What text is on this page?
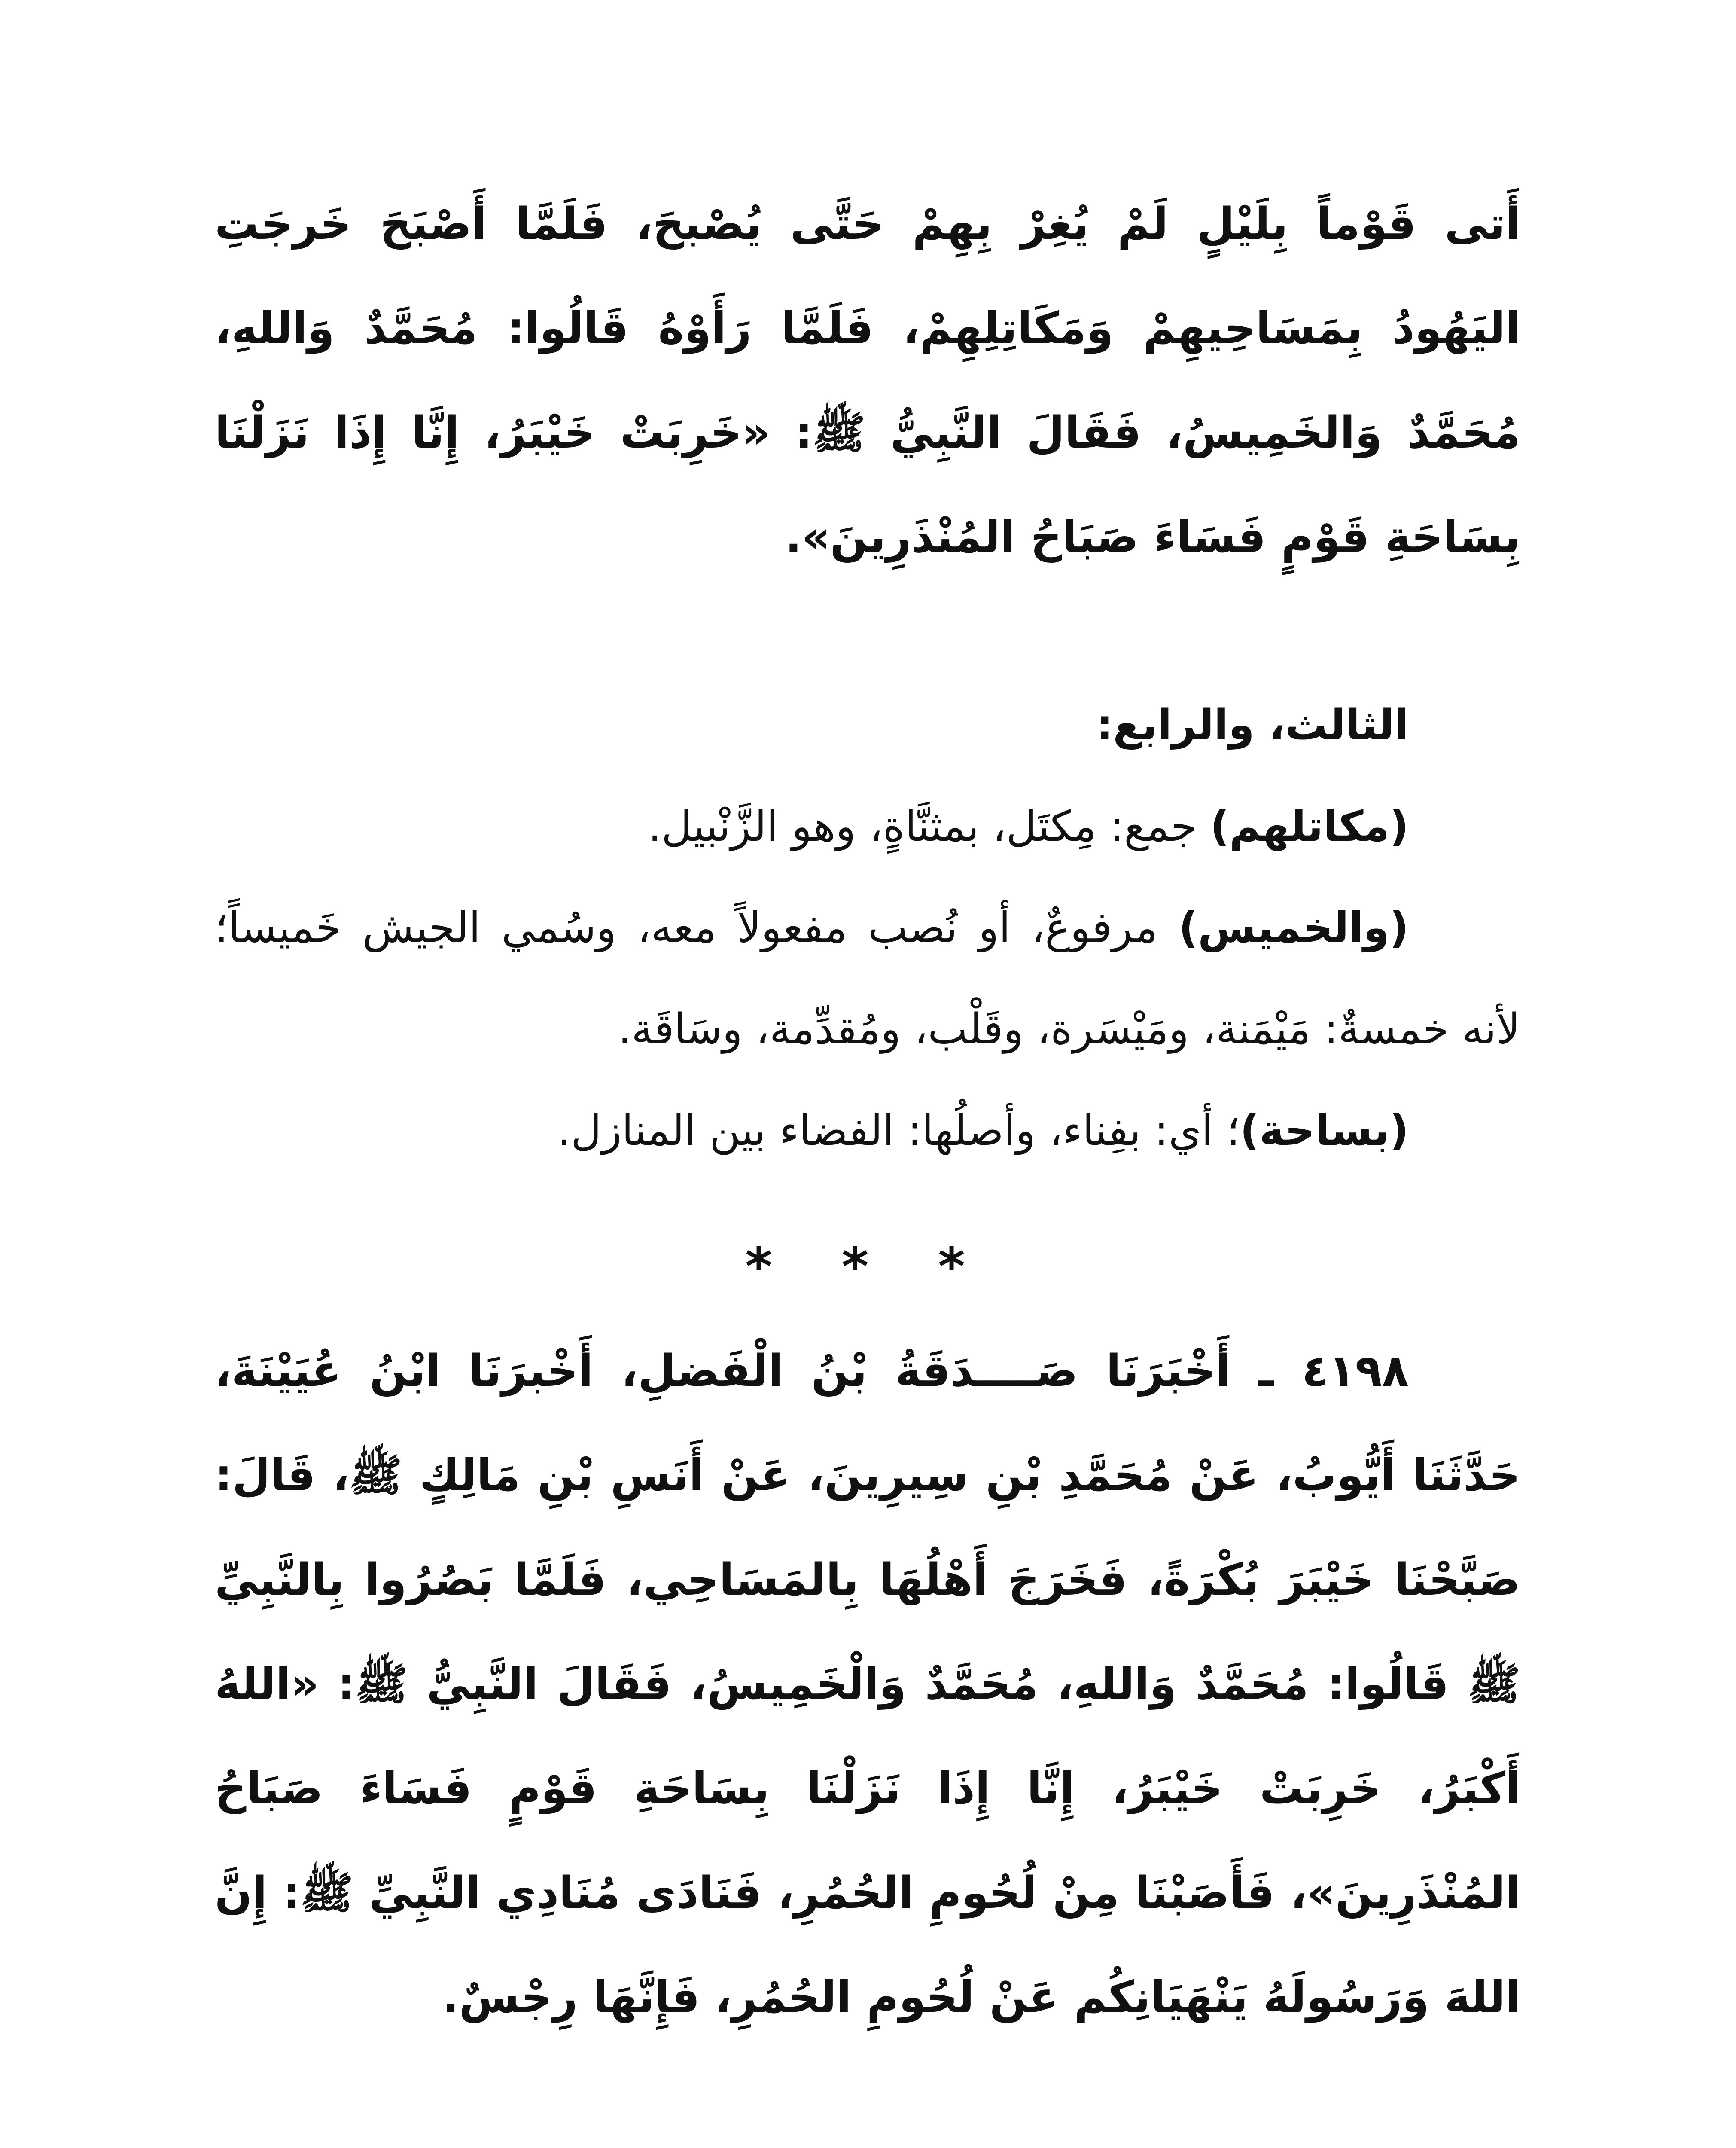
أَتى قَوْماً بِلَيْلٍ لَمْ يُغِرْ بِهِمْ حَتَّى يُصْبحَ، فَلَمَّا أَصْبَحَ خَرجَتِ اليَهُودُ بِمَسَاحِيهِمْ وَمَكَاتِلِهِمْ، فَلَمَّا رَأَوْهُ قَالُوا: مُحَمَّدٌ وَاللهِ، مُحَمَّدٌ وَالخَمِيسُ، فَقَالَ النَّبِيُّ ﷺ: «خَرِبَتْ خَيْبَرُ، إِنَّا إِذَا نَزَلْنَا بِسَاحَةِ قَوْمٍ فَسَاءَ صَبَاحُ المُنْذَرِينَ».

الثالث، والرابع:

(مكاتلهم) جمع: مِكتَل، بمثنَّاةٍ، وهو الزَّنْبيل.

(والخميس) مرفوعٌ، أو نُصب مفعولاً معه، وسُمي الجيش خَميساً؛ لأنه خمسةٌ: مَيْمَنة، ومَيْسَرة، وقَلْب، ومُقدِّمة، وسَاقَة.

(بساحة)؛ أي: بفِناء، وأصلُها: الفضاء بين المنازل.

* * *

٤١٩٨ ـ أَخْبَرَنَا صَــــدَقَةُ بْنُ الْفَضلِ، أَخْبرَنَا ابْنُ عُيَيْنَةَ، حَدَّثَنَا أَيُّوبُ، عَنْ مُحَمَّدِ بْنِ سِيرِينَ، عَنْ أَنَسِ بْنِ مَالِكٍ ﷺ، قَالَ: صَبَّحْنَا خَيْبَرَ بُكْرَةً، فَخَرَجَ أَهْلُهَا بِالمَسَاحِي، فَلَمَّا بَصُرُوا بِالنَّبِيِّ ﷺ قَالُوا: مُحَمَّدٌ وَاللهِ، مُحَمَّدٌ وَالْخَمِيسُ، فَقَالَ النَّبِيُّ ﷺ: «اللهُ أَكْبَرُ، خَرِبَتْ خَيْبَرُ، إِنَّا إِذَا نَزَلْنَا بِسَاحَةِ قَوْمٍ فَسَاءَ صَبَاحُ المُنْذَرِينَ»، فَأَصَبْنَا مِنْ لُحُومِ الحُمُرِ، فَنَادَى مُنَادِي النَّبِيِّ ﷺ: إِنَّ اللهَ وَرَسُولَهُ يَنْهَيَانِكُم عَنْ لُحُومِ الحُمُرِ، فَإِنَّهَا رِجْسٌ.
